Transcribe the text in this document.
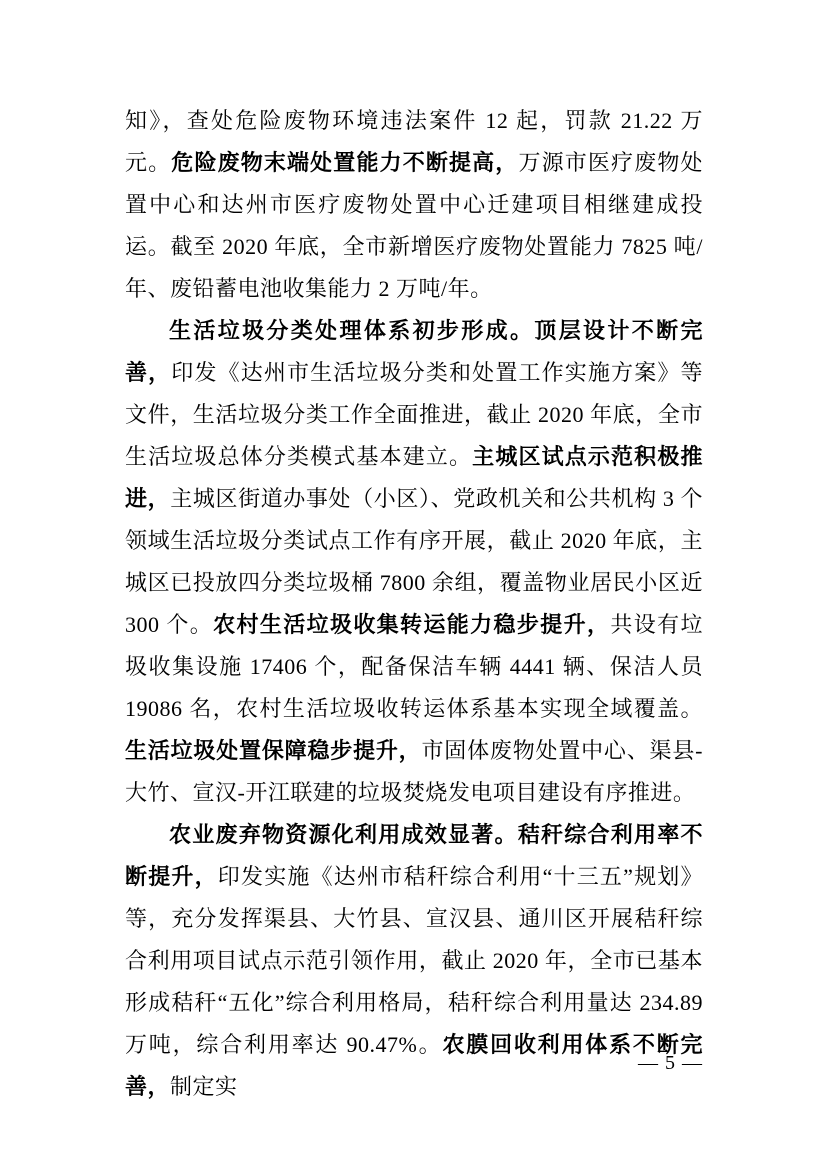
知》，查处危险废物环境违法案件 12 起，罚款 21.22 万元。危险废物末端处置能力不断提高，万源市医疗废物处置中心和达州市医疗废物处置中心迁建项目相继建成投运。截至 2020 年底，全市新增医疗废物处置能力 7825 吨/年、废铅蓄电池收集能力 2 万吨/年。

生活垃圾分类处理体系初步形成。顶层设计不断完善，印发《达州市生活垃圾分类和处置工作实施方案》等文件，生活垃圾分类工作全面推进，截止 2020 年底，全市生活垃圾总体分类模式基本建立。主城区试点示范积极推进，主城区街道办事处（小区）、党政机关和公共机构 3 个领域生活垃圾分类试点工作有序开展，截止 2020 年底，主城区已投放四分类垃圾桶 7800 余组，覆盖物业居民小区近 300 个。农村生活垃圾收集转运能力稳步提升，共设有垃圾收集设施 17406 个，配备保洁车辆 4441 辆、保洁人员 19086 名，农村生活垃圾收转运体系基本实现全域覆盖。生活垃圾处置保障稳步提升，市固体废物处置中心、渠县-大竹、宣汉-开江联建的垃圾焚烧发电项目建设有序推进。

农业废弃物资源化利用成效显著。秸秆综合利用率不断提升，印发实施《达州市秸秆综合利用“十三五”规划》等，充分发挥渠县、大竹县、宣汉县、通川区开展秸秆综合利用项目试点示范引领作用，截止 2020 年，全市已基本形成秸秆“五化”综合利用格局，秸秆综合利用量达 234.89 万吨，综合利用率达 90.47%。农膜回收利用体系不断完善，制定实

— 5 —
